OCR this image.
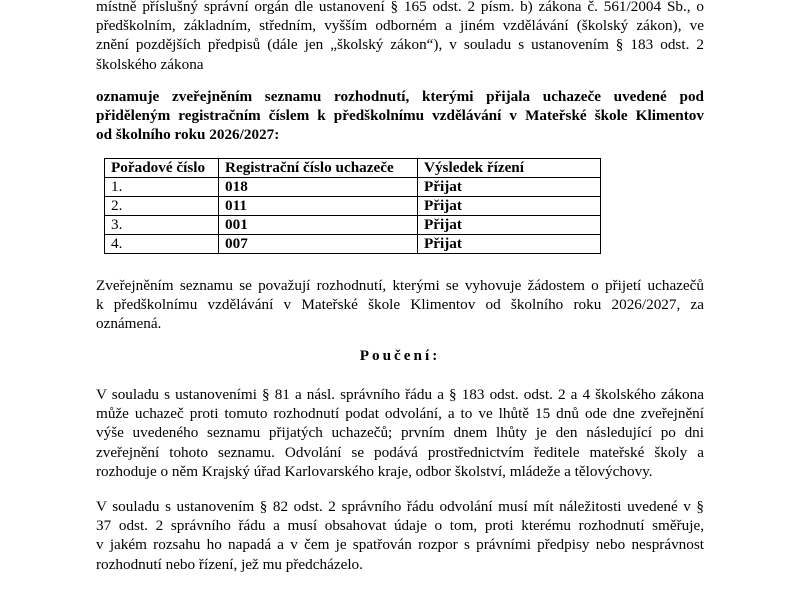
místně příslušný správní orgán dle ustanovení § 165 odst. 2 písm. b) zákona č. 561/2004 Sb., o
předškolním, základním, středním, vyšším odborném a jiném vzdělávání (školský zákon), ve
znění pozdějších předpisů (dále jen „školský zákon“), v souladu s ustanovením § 183 odst. 2
školského zákona
oznamuje zveřejněním seznamu rozhodnutí, kterými přijala uchazeče uvedené pod
přiděleným registračním číslem k předškolnímu vzdělávání v Mateřské škole Klimentov
od školního roku 2026/2027:
Pořadové číslo	Registrační číslo uchazeče	Výsledek řízení
1.	018	Přijat
2.	011	Přijat
3.	001	Přijat
4.	007	Přijat
Zveřejněním seznamu se považují rozhodnutí, kterými se vyhovuje žádostem o přijetí uchazečů
k předškolnímu vzdělávání v Mateřské škole Klimentov od školního roku 2026/2027, za
oznámená.

Poučení:

V souladu s ustanoveními § 81 a násl. správního řádu a § 183 odst. odst. 2 a 4 školského zákona
může uchazeč proti tomuto rozhodnutí podat odvolání, a to ve lhůtě 15 dnů ode dne zveřejnění
výše uvedeného seznamu přijatých uchazečů; prvním dnem lhůty je den následující po dni
zveřejnění tohoto seznamu. Odvolání se podává prostřednictvím ředitele mateřské školy a
rozhoduje o něm Krajský úřad Karlovarského kraje, odbor školství, mládeže a tělovýchovy.
V souladu s ustanovením § 82 odst. 2 správního řádu odvolání musí mít náležitosti uvedené v §
37 odst. 2 správního řádu a musí obsahovat údaje o tom, proti kterému rozhodnutí směřuje,
v jakém rozsahu ho napadá a v čem je spatřován rozpor s právními předpisy nebo nesprávnost
rozhodnutí nebo řízení, jež mu předcházelo.
